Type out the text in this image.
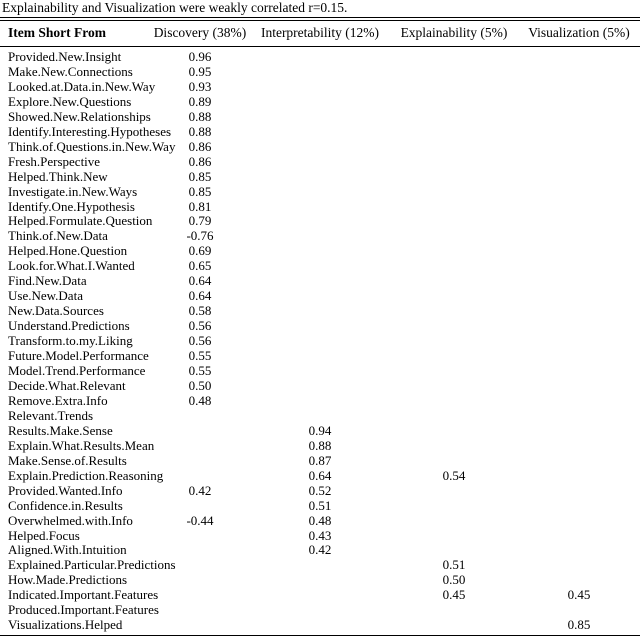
Explainability and Visualization were weakly correlated r=0.15.
Item Short From	Discovery (38%)	Interpretability (12%)	Explainability (5%)	Visualization (5%)
Provided.New.Insight	0.96			
Make.New.Connections	0.95			
Looked.at.Data.in.New.Way	0.93			
Explore.New.Questions	0.89			
Showed.New.Relationships	0.88			
Identify.Interesting.Hypotheses	0.88			
Think.of.Questions.in.New.Way	0.86			
Fresh.Perspective	0.86			
Helped.Think.New	0.85			
Investigate.in.New.Ways	0.85			
Identify.One.Hypothesis	0.81			
Helped.Formulate.Question	0.79			
Think.of.New.Data	-0.76			
Helped.Hone.Question	0.69			
Look.for.What.I.Wanted	0.65			
Find.New.Data	0.64			
Use.New.Data	0.64			
New.Data.Sources	0.58			
Understand.Predictions	0.56			
Transform.to.my.Liking	0.56			
Future.Model.Performance	0.55			
Model.Trend.Performance	0.55			
Decide.What.Relevant	0.50			
Remove.Extra.Info	0.48			
Relevant.Trends				
Results.Make.Sense		0.94		
Explain.What.Results.Mean		0.88		
Make.Sense.of.Results		0.87		
Explain.Prediction.Reasoning		0.64	0.54	
Provided.Wanted.Info	0.42	0.52		
Confidence.in.Results		0.51		
Overwhelmed.with.Info	-0.44	0.48		
Helped.Focus		0.43		
Aligned.With.Intuition		0.42		
Explained.Particular.Predictions			0.51	
How.Made.Predictions			0.50	
Indicated.Important.Features			0.45	0.45
Produced.Important.Features				
Visualizations.Helped				0.85
